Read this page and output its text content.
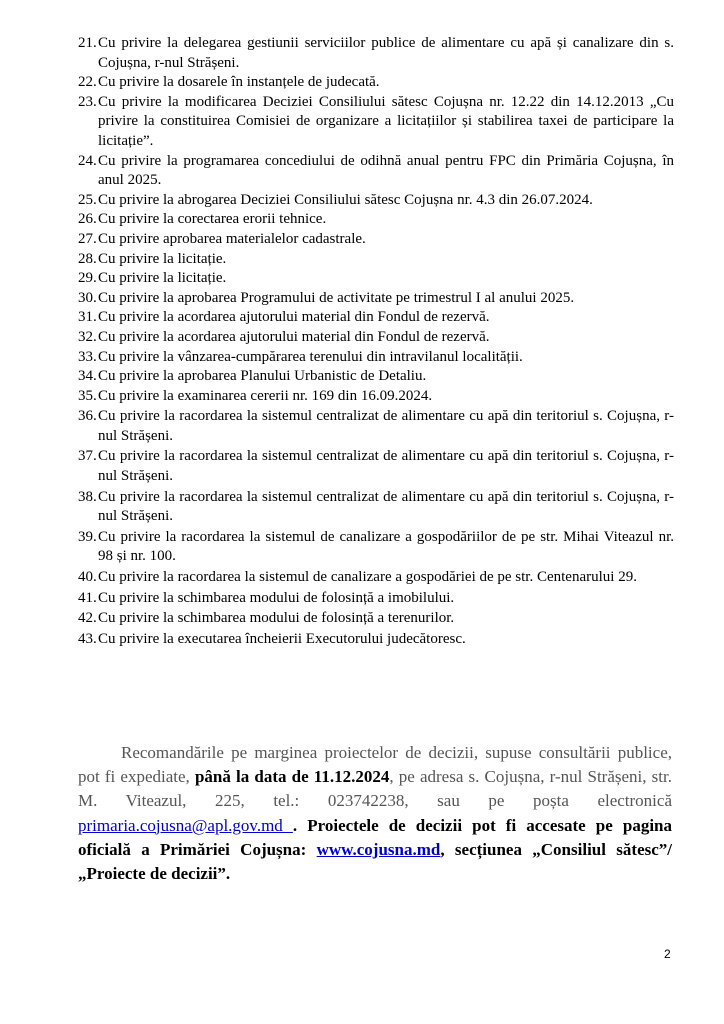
21. Cu privire la delegarea gestiunii serviciilor publice de alimentare cu apă și canalizare din s. Cojușna, r-nul Strășeni.
22. Cu privire la dosarele în instanțele de judecată.
23. Cu privire la modificarea Deciziei Consiliului sătesc Cojușna nr. 12.22 din 14.12.2013 „Cu privire la constituirea Comisiei de organizare a licitațiilor și stabilirea taxei de participare la licitație”.
24. Cu privire la programarea concediului de odihnă anual pentru FPC din Primăria Cojușna, în anul 2025.
25. Cu privire la abrogarea Deciziei Consiliului sătesc Cojușna nr. 4.3 din 26.07.2024.
26. Cu privire la corectarea erorii tehnice.
27. Cu privire aprobarea materialelor cadastrale.
28. Cu privire la licitație.
29. Cu privire la licitație.
30. Cu privire la aprobarea Programului de activitate pe trimestrul I al anului 2025.
31. Cu privire la acordarea ajutorului material din Fondul de rezervă.
32. Cu privire la acordarea ajutorului material din Fondul de rezervă.
33. Cu privire la vânzarea-cumpărarea terenului din intravilanul localității.
34. Cu privire la aprobarea Planului Urbanistic de Detaliu.
35. Cu privire la examinarea cererii nr. 169 din 16.09.2024.
36. Cu privire la racordarea la sistemul centralizat de alimentare cu apă din teritoriul s. Cojușna, r-nul Strășeni.
37. Cu privire la racordarea la sistemul centralizat de alimentare cu apă din teritoriul s. Cojușna, r-nul Strășeni.
38. Cu privire la racordarea la sistemul centralizat de alimentare cu apă din teritoriul s. Cojușna, r-nul Strășeni.
39. Cu privire la racordarea la sistemul de canalizare a gospodăriilor de pe str. Mihai Viteazul nr. 98 și nr. 100.
40. Cu privire la racordarea la sistemul de canalizare a gospodăriei de pe str. Centenarului 29.
41. Cu privire la schimbarea modului de folosință a imobilului.
42. Cu privire la schimbarea modului de folosință a terenurilor.
43. Cu privire la executarea încheierii Executorului judecătoresc.

Recomandările pe marginea proiectelor de decizii, supuse consultării publice, pot fi expediate, până la data de 11.12.2024, pe adresa s. Cojușna, r-nul Strășeni, str. M. Viteazul, 225, tel.: 023742238, sau pe poșta electronică primaria.cojusna@apl.gov.md . Proiectele de decizii pot fi accesate pe pagina oficială a Primăriei Cojușna: www.cojusna.md, secțiunea „Consiliul sătesc”/„Proiecte de decizii”.

2
